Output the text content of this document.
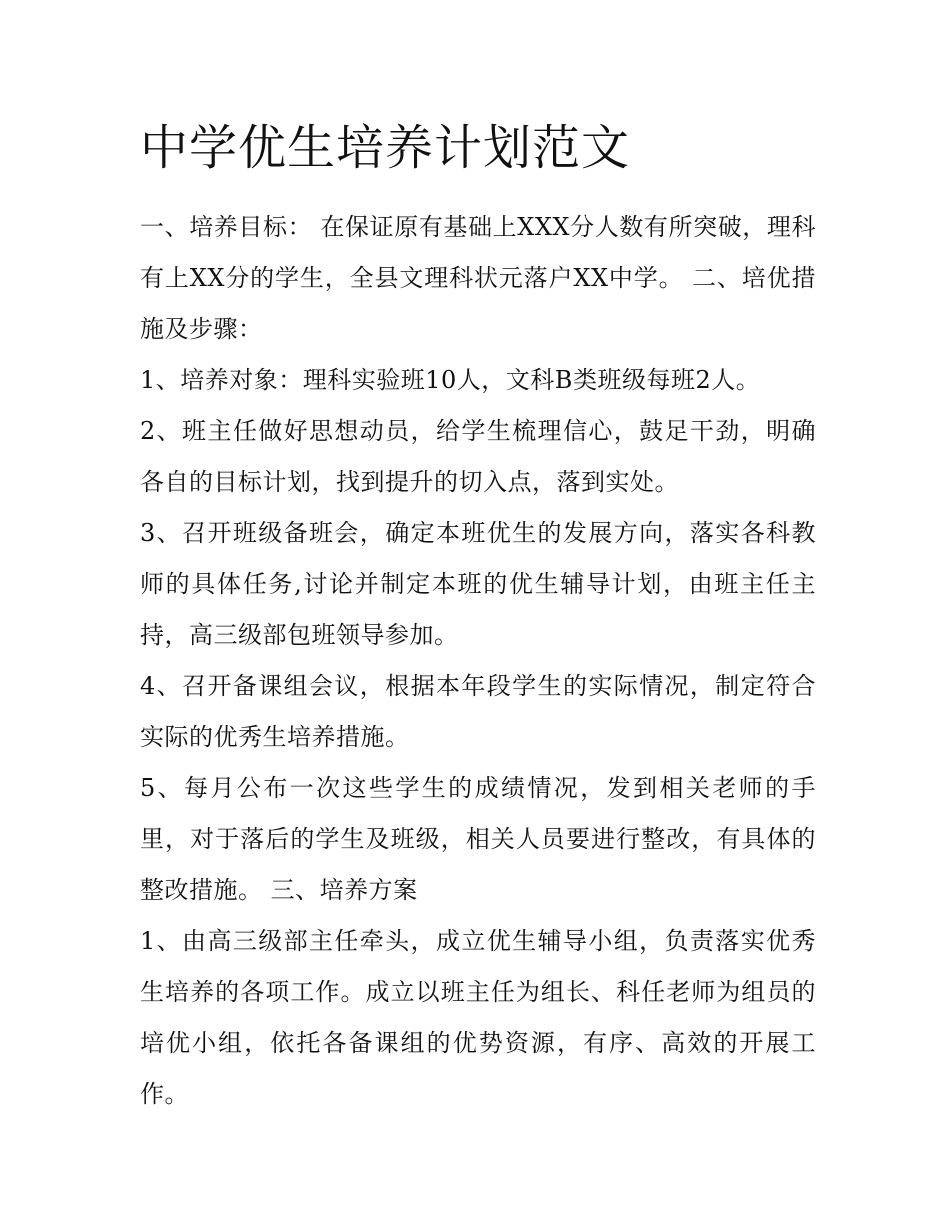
中学优生培养计划范文

一、培养目标： 在保证原有基础上XXX分人数有所突破，理科有上XX分的学生，全县文理科状元落户XX中学。 二、培优措施及步骤：

1、培养对象：理科实验班10人，文科B类班级每班2人。

2、班主任做好思想动员，给学生梳理信心，鼓足干劲，明确各自的目标计划，找到提升的切入点，落到实处。

3、召开班级备班会，确定本班优生的发展方向，落实各科教师的具体任务,讨论并制定本班的优生辅导计划，由班主任主持，高三级部包班领导参加。

4、召开备课组会议，根据本年段学生的实际情况，制定符合实际的优秀生培养措施。

5、每月公布一次这些学生的成绩情况，发到相关老师的手里，对于落后的学生及班级，相关人员要进行整改，有具体的整改措施。 三、培养方案

1、由高三级部主任牵头，成立优生辅导小组，负责落实优秀生培养的各项工作。成立以班主任为组长、科任老师为组员的培优小组，依托各备课组的优势资源，有序、高效的开展工作。
